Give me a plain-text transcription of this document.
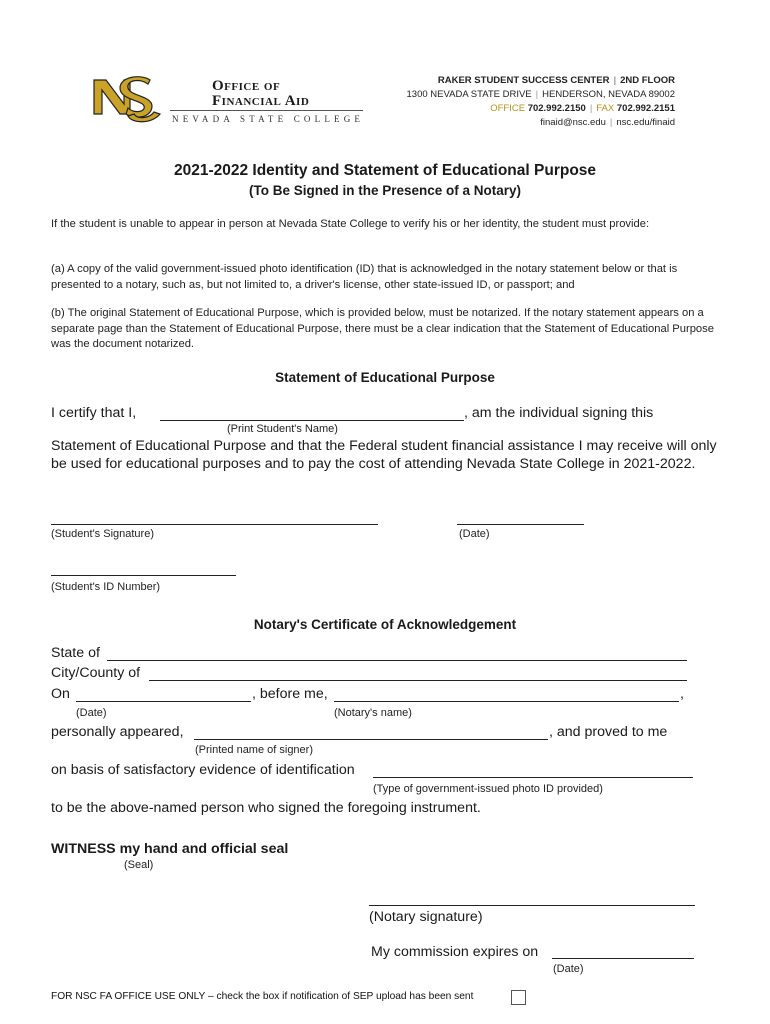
Office of
Financial Aid
NEVADA STATE COLLEGE
RAKER STUDENT SUCCESS CENTER | 2ND FLOOR
1300 NEVADA STATE DRIVE | HENDERSON, NEVADA 89002
OFFICE 702.992.2150 | FAX 702.992.2151
finaid@nsc.edu | nsc.edu/finaid
2021-2022 Identity and Statement of Educational Purpose
(To Be Signed in the Presence of a Notary)
If the student is unable to appear in person at Nevada State College to verify his or her identity, the student must provide:
(a) A copy of the valid government-issued photo identification (ID) that is acknowledged in the notary statement below or that is presented to a notary, such as, but not limited to, a driver's license, other state-issued ID, or passport; and
(b) The original Statement of Educational Purpose, which is provided below, must be notarized. If the notary statement appears on a separate page than the Statement of Educational Purpose, there must be a clear indication that the Statement of Educational Purpose was the document notarized.
Statement of Educational Purpose
I certify that I,	, am the individual signing this
(Print Student's Name)
Statement of Educational Purpose and that the Federal student financial assistance I may receive will only be used for educational purposes and to pay the cost of attending Nevada State College in 2021-2022.
(Student's Signature)	(Date)
(Student's ID Number)
Notary's Certificate of Acknowledgement
State of
City/County of
On	, before me,	,
(Date)	(Notary's name)
personally appeared,	, and proved to me
(Printed name of signer)
on basis of satisfactory evidence of identification
(Type of government-issued photo ID provided)
to be the above-named person who signed the foregoing instrument.
WITNESS my hand and official seal
(Seal)
(Notary signature)
My commission expires on
(Date)
FOR NSC FA OFFICE USE ONLY – check the box if notification of SEP upload has been sent
